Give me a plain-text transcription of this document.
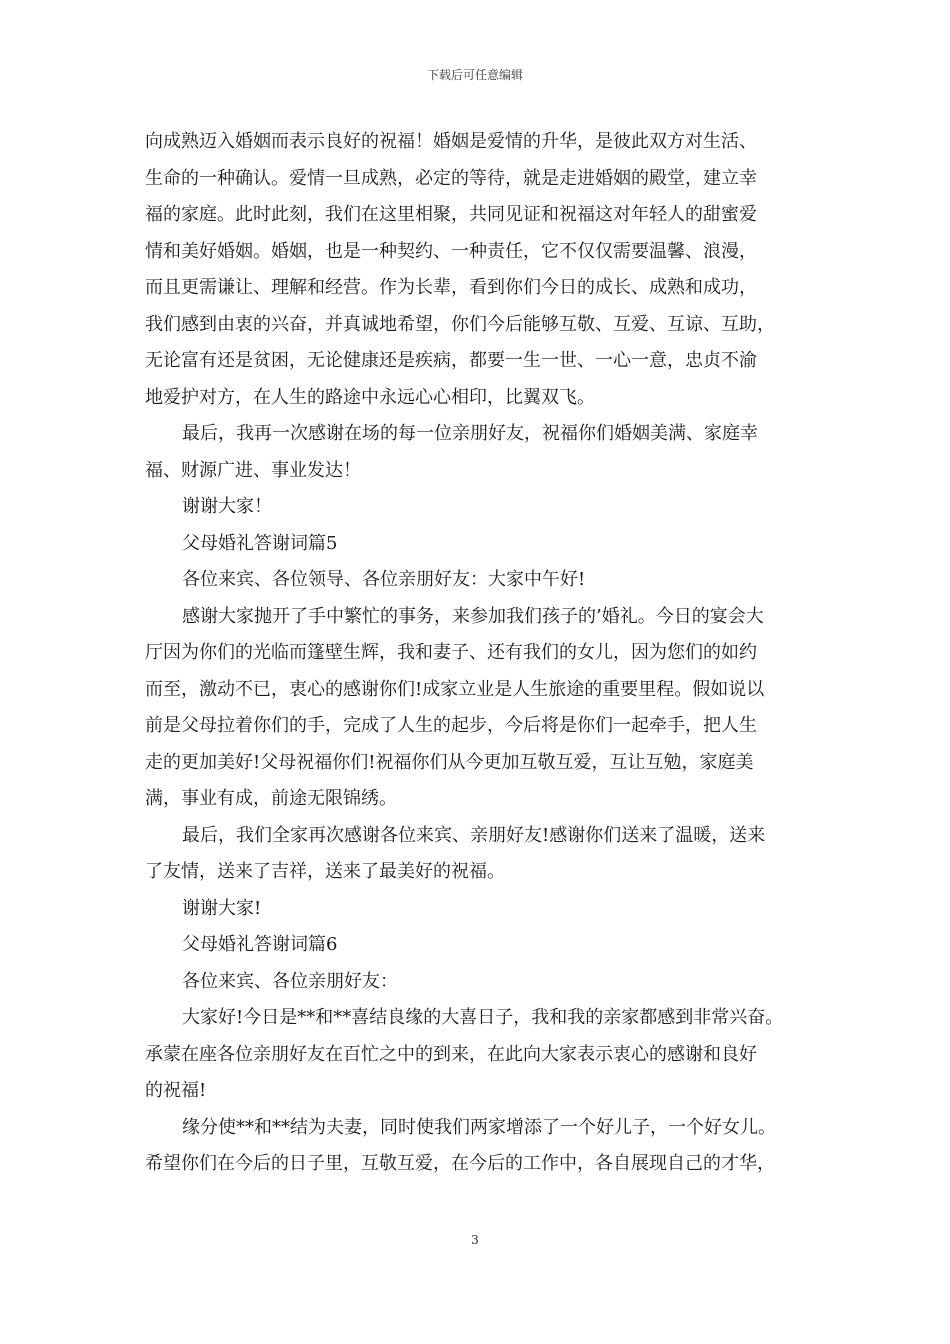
下载后可任意编辑
向成熟迈入婚姻而表示良好的祝福！婚姻是爱情的升华，是彼此双方对生活、
生命的一种确认。爱情一旦成熟，必定的等待，就是走进婚姻的殿堂，建立幸
福的家庭。此时此刻，我们在这里相聚，共同见证和祝福这对年轻人的甜蜜爱
情和美好婚姻。婚姻，也是一种契约、一种责任，它不仅仅需要温馨、浪漫，
而且更需谦让、理解和经营。作为长辈，看到你们今日的成长、成熟和成功，
我们感到由衷的兴奋，并真诚地希望，你们今后能够互敬、互爱、互谅、互助，
无论富有还是贫困，无论健康还是疾病，都要一生一世、一心一意，忠贞不渝
地爱护对方，在人生的路途中永远心心相印，比翼双飞。
最后，我再一次感谢在场的每一位亲朋好友，祝福你们婚姻美满、家庭幸
福、财源广进、事业发达！
谢谢大家！
父母婚礼答谢词篇5
各位来宾、各位领导、各位亲朋好友：大家中午好!
感谢大家抛开了手中繁忙的事务，来参加我们孩子的’婚礼。今日的宴会大
厅因为你们的光临而篷壁生辉，我和妻子、还有我们的女儿，因为您们的如约
而至，激动不已，衷心的感谢你们!成家立业是人生旅途的重要里程。假如说以
前是父母拉着你们的手，完成了人生的起步，今后将是你们一起牵手，把人生
走的更加美好!父母祝福你们!祝福你们从今更加互敬互爱，互让互勉，家庭美
满，事业有成，前途无限锦绣。
最后，我们全家再次感谢各位来宾、亲朋好友!感谢你们送来了温暖，送来
了友情，送来了吉祥，送来了最美好的祝福。
谢谢大家!
父母婚礼答谢词篇6
各位来宾、各位亲朋好友：
大家好!今日是**和**喜结良缘的大喜日子，我和我的亲家都感到非常兴奋。
承蒙在座各位亲朋好友在百忙之中的到来，在此向大家表示衷心的感谢和良好
的祝福!
缘分使**和**结为夫妻，同时使我们两家增添了一个好儿子，一个好女儿。
希望你们在今后的日子里，互敬互爱，在今后的工作中，各自展现自己的才华，
3
